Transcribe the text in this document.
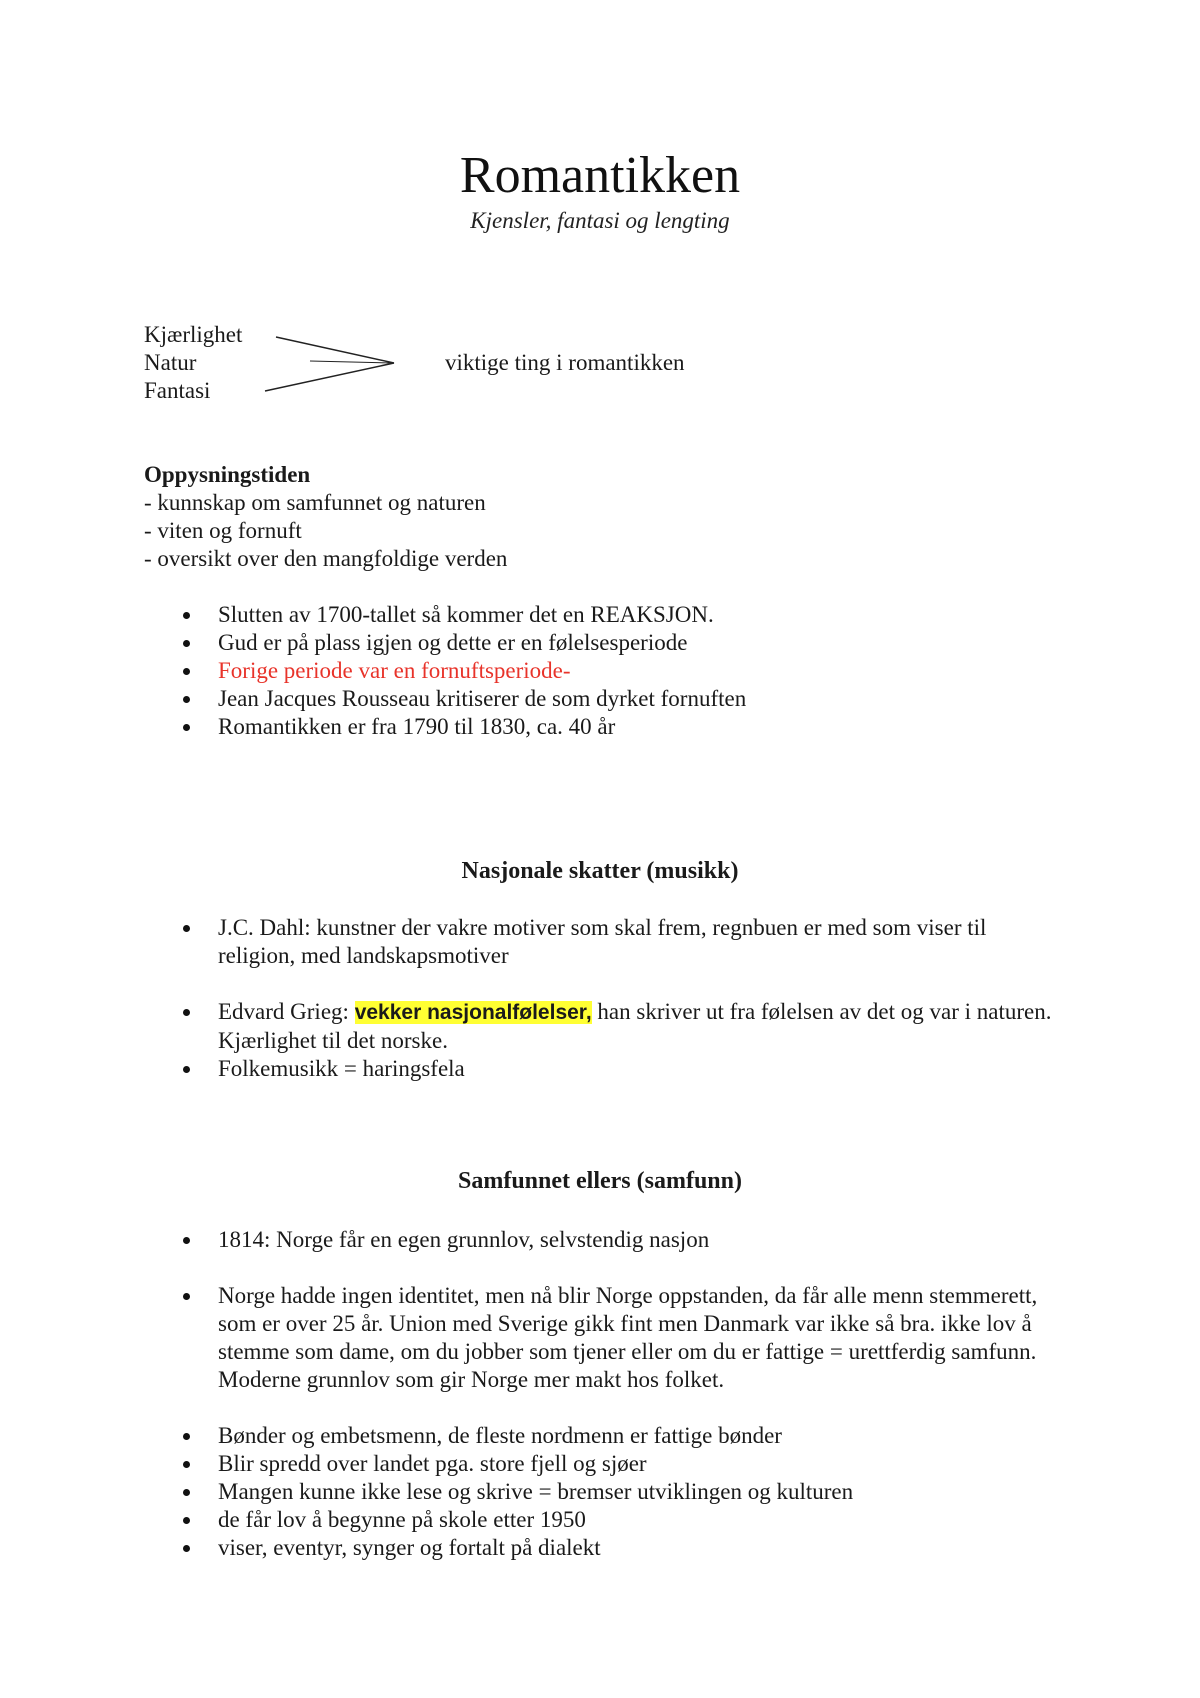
Romantikken
Kjensler, fantasi og lengting
Kjærlighet
Natur
Fantasi
viktige ting i romantikken
Oppysningstiden
- kunnskap om samfunnet og naturen
- viten og fornuft
- oversikt over den mangfoldige verden
Slutten av 1700-tallet så kommer det en REAKSJON.
Gud er på plass igjen og dette er en følelsesperiode
Forige periode var en fornuftsperiode-
Jean Jacques Rousseau kritiserer de som dyrket fornuften
Romantikken er fra 1790 til 1830, ca. 40 år
Nasjonale skatter (musikk)
J.C. Dahl: kunstner der vakre motiver som skal frem, regnbuen er med som viser til religion, med landskapsmotiver
Edvard Grieg: vekker nasjonalfølelser, han skriver ut fra følelsen av det og var i naturen. Kjærlighet til det norske.
Folkemusikk = haringsfela
Samfunnet ellers (samfunn)
1814: Norge får en egen grunnlov, selvstendig nasjon
Norge hadde ingen identitet, men nå blir Norge oppstanden, da får alle menn stemmerett, som er over 25 år. Union med Sverige gikk fint men Danmark var ikke så bra. ikke lov å stemme som dame, om du jobber som tjener eller om du er fattige = urettferdig samfunn. Moderne grunnlov som gir Norge mer makt hos folket.
Bønder og embetsmenn, de fleste nordmenn er fattige bønder
Blir spredd over landet pga. store fjell og sjøer
Mangen kunne ikke lese og skrive = bremser utviklingen og kulturen
de får lov å begynne på skole etter 1950
viser, eventyr, synger og fortalt på dialekt
